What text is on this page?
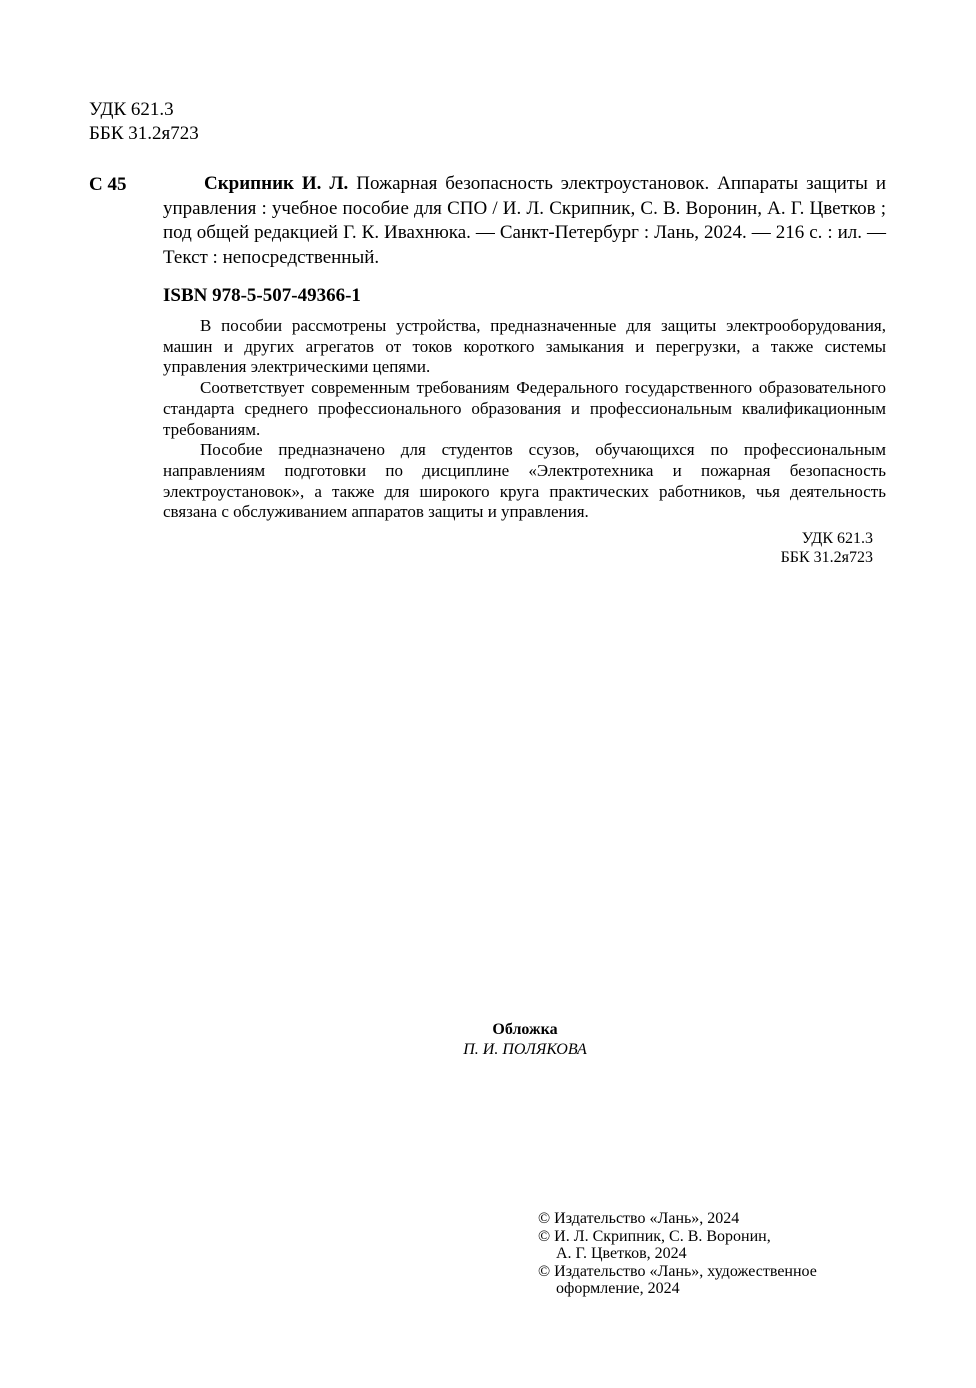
УДК 621.3
ББК 31.2я723
С 45	Скрипник И. Л. Пожарная безопасность электроустановок. Аппараты защиты и управления : учебное пособие для СПО / И. Л. Скрипник, С. В. Воронин, А. Г. Цветков ; под общей редакцией Г. К. Ивахнюка. — Санкт-Петербург : Лань, 2024. — 216 с. : ил. — Текст : непосредственный.
ISBN 978-5-507-49366-1

В пособии рассмотрены устройства, предназначенные для защиты электрооборудования, машин и других агрегатов от токов короткого замыкания и перегрузки, а также системы управления электрическими цепями.

Соответствует современным требованиям Федерального государственного образовательного стандарта среднего профессионального образования и профессиональным квалификационным требованиям.

Пособие предназначено для студентов ссузов, обучающихся по профессиональным направлениям подготовки по дисциплине «Электротехника и пожарная безопасность электроустановок», а также для широкого круга практических работников, чья деятельность связана с обслуживанием аппаратов защиты и управления.

УДК 621.3
ББК 31.2я723
Обложка
П. И. ПОЛЯКОВА
© Издательство «Лань», 2024
© И. Л. Скрипник, С. В. Воронин,
А. Г. Цветков, 2024
© Издательство «Лань», художественное
оформление, 2024
